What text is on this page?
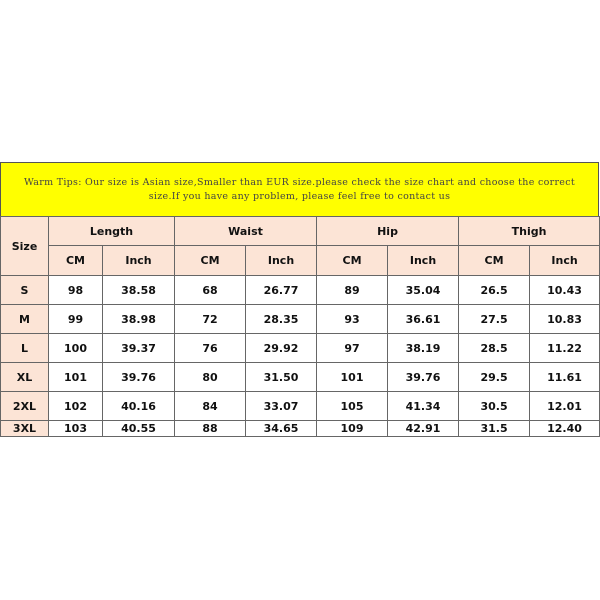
Warm Tips: Our size is Asian size,Smaller than EUR size.please check the size chart and choose the correct size.If you have any problem, please feel free to contact us
Size	Length		Waist		Hip		Thigh	
	CM	Inch	CM	Inch	CM	Inch	CM	Inch
S	98	38.58	68	26.77	89	35.04	26.5	10.43
M	99	38.98	72	28.35	93	36.61	27.5	10.83
L	100	39.37	76	29.92	97	38.19	28.5	11.22
XL	101	39.76	80	31.50	101	39.76	29.5	11.61
2XL	102	40.16	84	33.07	105	41.34	30.5	12.01
3XL	103	40.55	88	34.65	109	42.91	31.5	12.40
